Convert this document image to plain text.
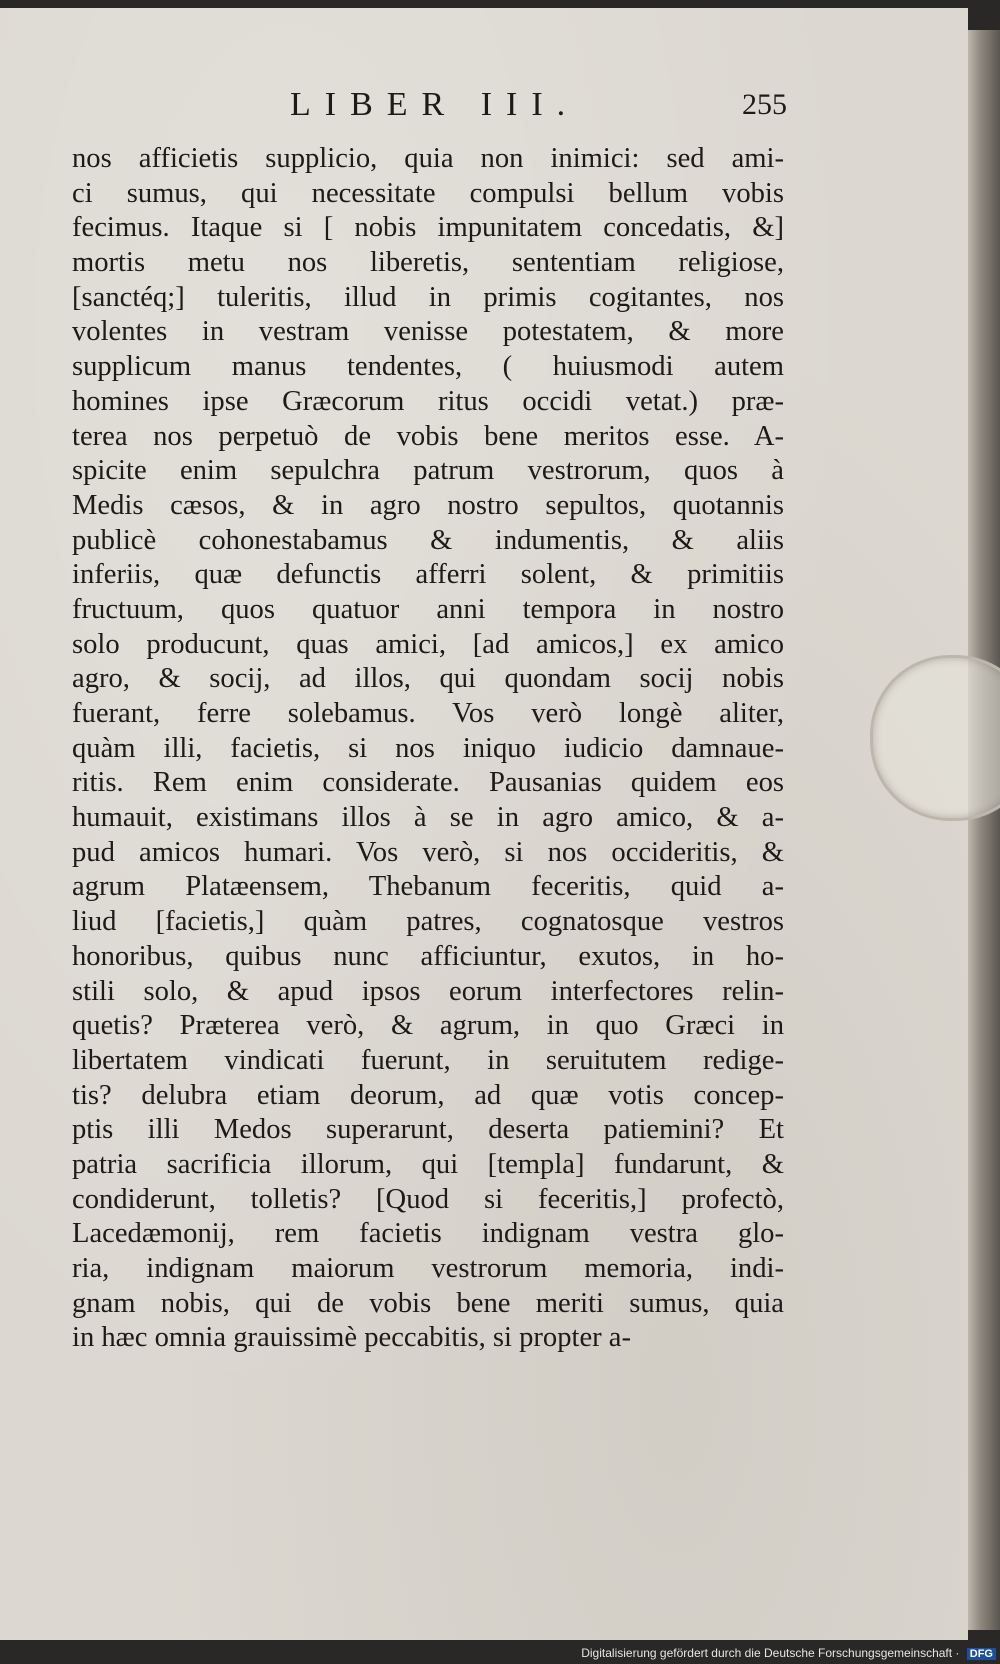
LIBER III.	255
nos afficietis supplicio, quia non inimici: sed ami-
ci sumus, qui necessitate compulsi bellum vobis
fecimus. Itaque si [ nobis impunitatem concedatis, &]
mortis metu nos liberetis, sententiam religiose,
[sanctéq;] tuleritis, illud in primis cogitantes, nos
volentes in vestram venisse potestatem, & more
supplicum manus tendentes, ( huiusmodi autem
homines ipse Græcorum ritus occidi vetat.) præ-
terea nos perpetuò de vobis bene meritos esse. A-
spicite enim sepulchra patrum vestrorum, quos à
Medis cæsos, & in agro nostro sepultos, quotannis
publicè cohonestabamus & indumentis, & aliis
inferiis, quæ defunctis afferri solent, & primitiis
fructuum, quos quatuor anni tempora in nostro
solo producunt, quas amici, [ad amicos,] ex amico
agro, & socij, ad illos, qui quondam socij nobis
fuerant, ferre solebamus. Vos verò longè aliter,
quàm illi, facietis, si nos iniquo iudicio damnaue-
ritis. Rem enim considerate. Pausanias quidem eos
humauit, existimans illos à se in agro amico, & a-
pud amicos humari. Vos verò, si nos occideritis, &
agrum Platæensem, Thebanum feceritis, quid a-
liud [facietis,] quàm patres, cognatosque vestros
honoribus, quibus nunc afficiuntur, exutos, in ho-
stili solo, & apud ipsos eorum interfectores relin-
quetis? Præterea verò, & agrum, in quo Græci in
libertatem vindicati fuerunt, in seruitutem redige-
tis? delubra etiam deorum, ad quæ votis concep-
ptis illi Medos superarunt, deserta patiemini? Et
patria sacrificia illorum, qui [templa] fundarunt, &
condiderunt, tolletis? [Quod si feceritis,] profectò,
Lacedæmonij, rem facietis indignam vestra glo-
ria, indignam maiorum vestrorum memoria, indi-
gnam nobis, qui de vobis bene meriti sumus, quia
in hæc omnia grauissimè peccabitis, si propter a-
Digitalisierung gefördert durch die Deutsche Forschungsgemeinschaft · DFG
